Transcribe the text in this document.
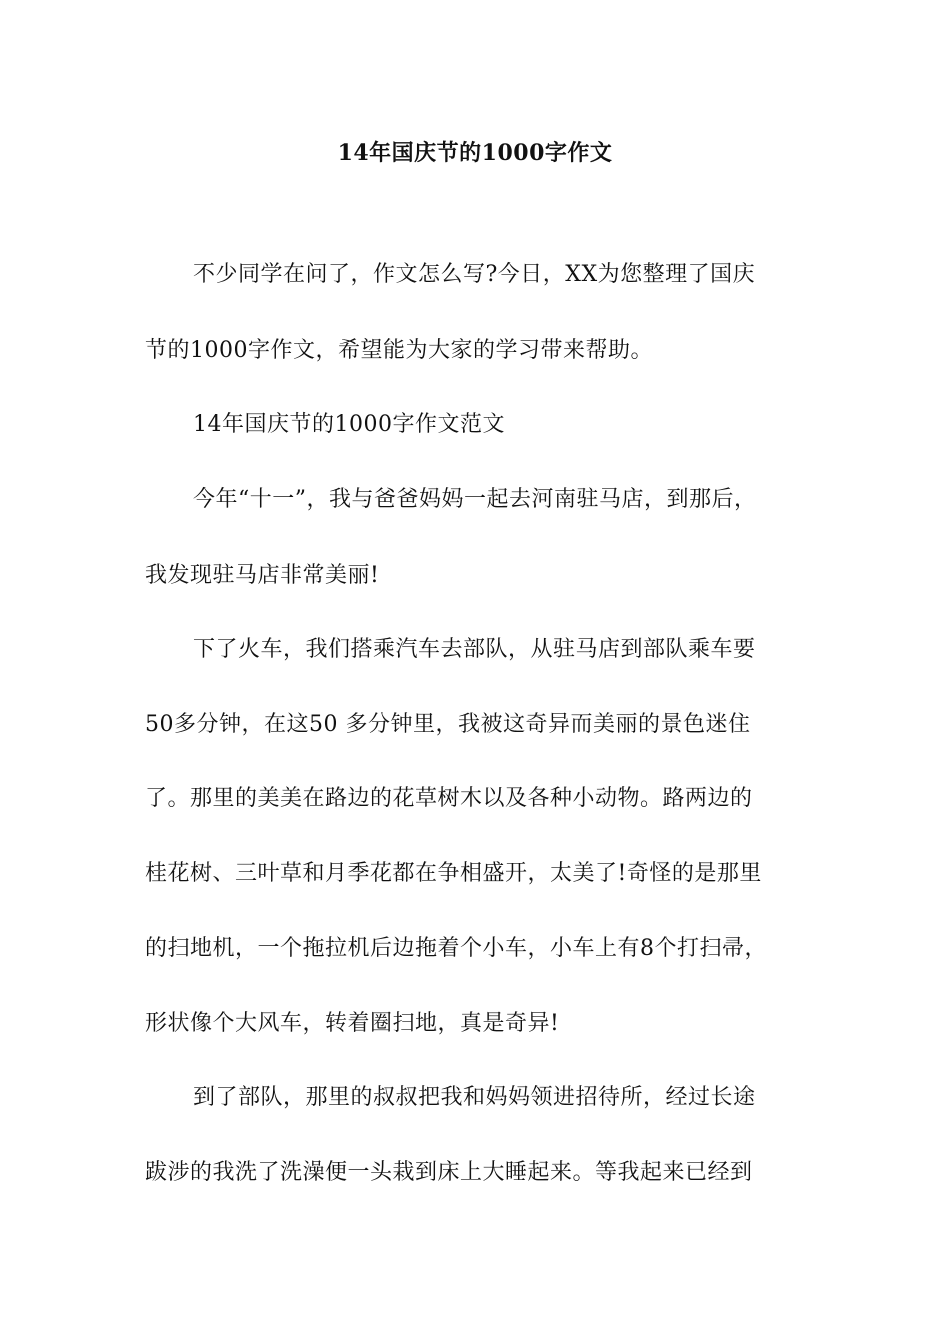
14年国庆节的1000字作文
不少同学在问了，作文怎么写?今日，XX为您整理了国庆
节的1000字作文，希望能为大家的学习带来帮助。
14年国庆节的1000字作文范文
今年“十一”，我与爸爸妈妈一起去河南驻马店，到那后，
我发现驻马店非常美丽!
下了火车，我们搭乘汽车去部队，从驻马店到部队乘车要
50多分钟，在这50 多分钟里，我被这奇异而美丽的景色迷住
了。那里的美美在路边的花草树木以及各种小动物。路两边的
桂花树、三叶草和月季花都在争相盛开，太美了!奇怪的是那里
的扫地机，一个拖拉机后边拖着个小车，小车上有8个打扫帚，
形状像个大风车，转着圈扫地，真是奇异!
到了部队，那里的叔叔把我和妈妈领进招待所，经过长途
跋涉的我洗了洗澡便一头栽到床上大睡起来。等我起来已经到
